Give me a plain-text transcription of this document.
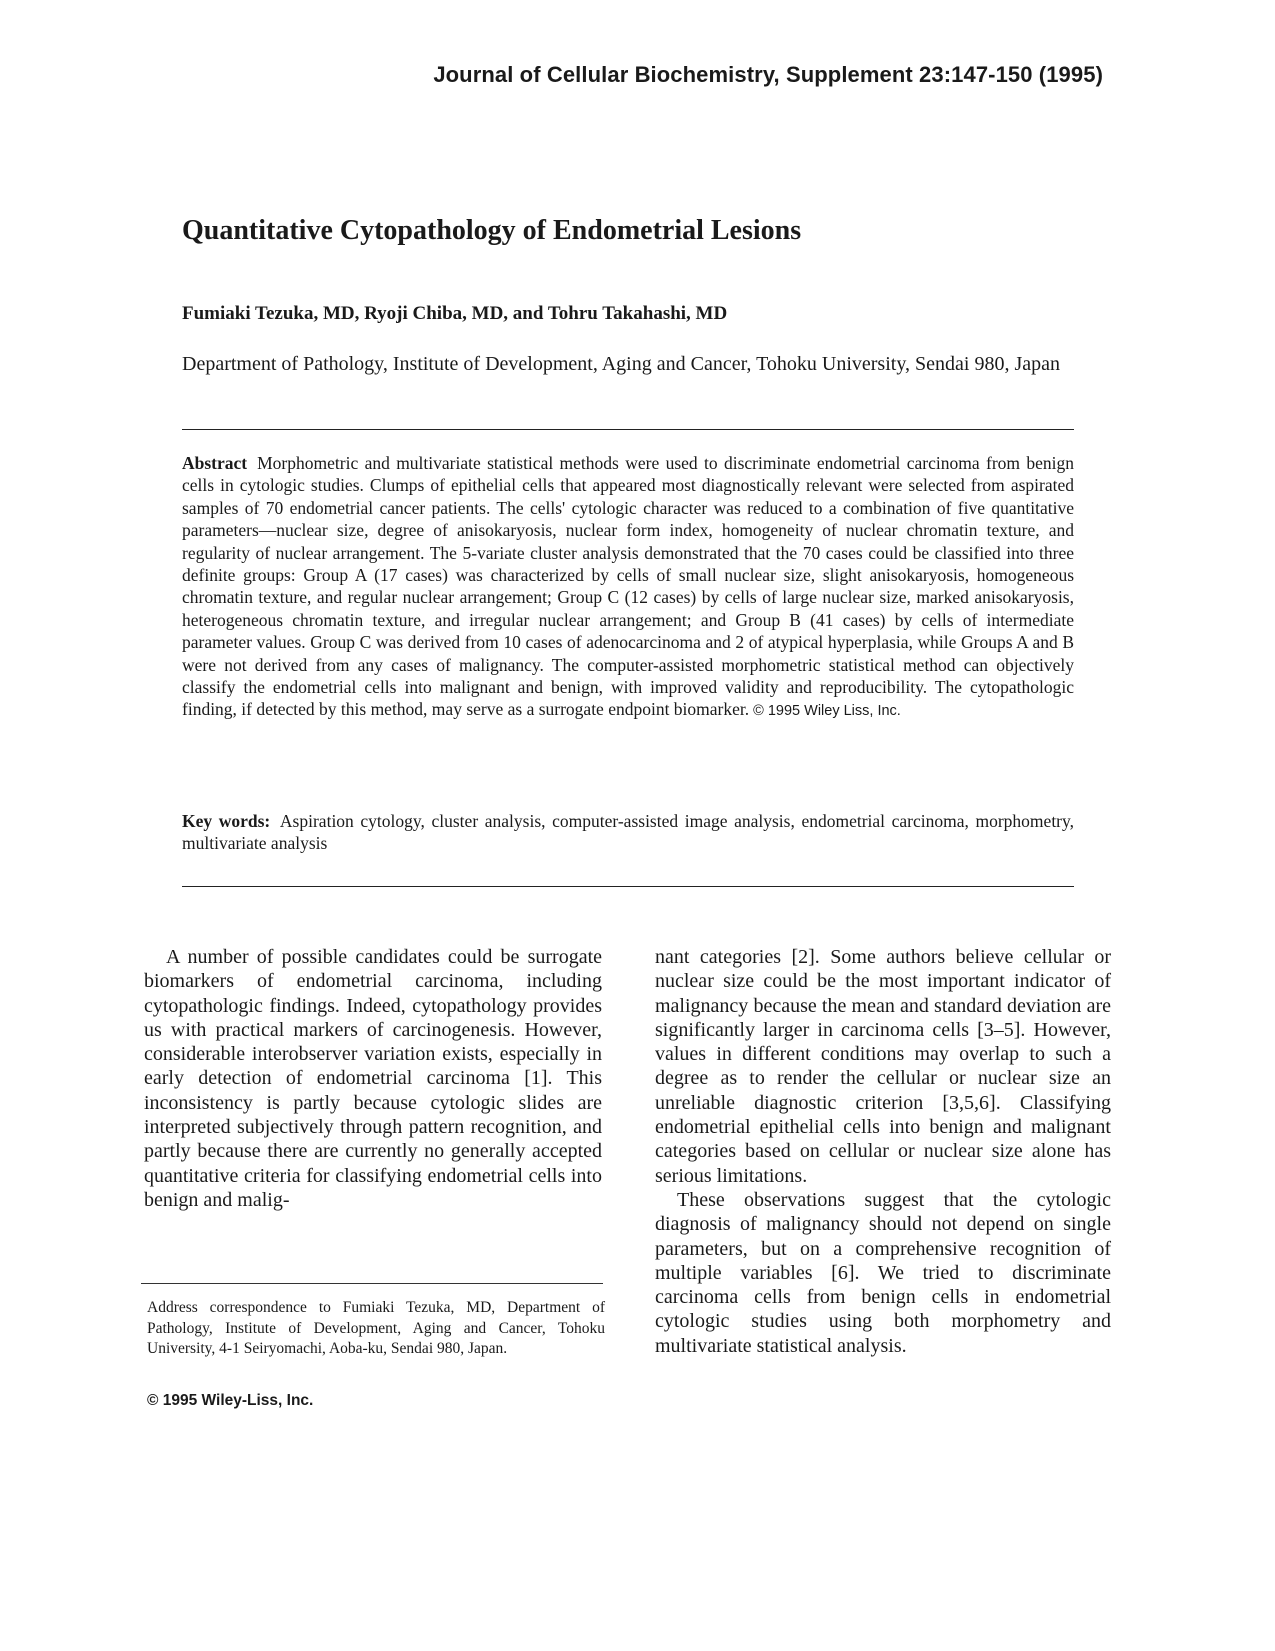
Journal of Cellular Biochemistry, Supplement 23:147-150 (1995)
Quantitative Cytopathology of Endometrial Lesions
Fumiaki Tezuka, MD, Ryoji Chiba, MD, and Tohru Takahashi, MD
Department of Pathology, Institute of Development, Aging and Cancer, Tohoku University, Sendai 980, Japan

Abstract Morphometric and multivariate statistical methods were used to discriminate endometrial carcinoma from benign cells in cytologic studies. Clumps of epithelial cells that appeared most diagnostically relevant were selected from aspirated samples of 70 endometrial cancer patients. The cells' cytologic character was reduced to a combination of five quantitative parameters—nuclear size, degree of anisokaryosis, nuclear form index, homogeneity of nuclear chromatin texture, and regularity of nuclear arrangement. The 5-variate cluster analysis demonstrated that the 70 cases could be classified into three definite groups: Group A (17 cases) was characterized by cells of small nuclear size, slight anisokaryosis, homogeneous chromatin texture, and regular nuclear arrangement; Group C (12 cases) by cells of large nuclear size, marked anisokaryosis, heterogeneous chromatin texture, and irregular nuclear arrangement; and Group B (41 cases) by cells of intermediate parameter values. Group C was derived from 10 cases of adenocarcinoma and 2 of atypical hyperplasia, while Groups A and B were not derived from any cases of malignancy. The computer-assisted morphometric statistical method can objectively classify the endometrial cells into malignant and benign, with improved validity and reproducibility. The cytopathologic finding, if detected by this method, may serve as a surrogate endpoint biomarker. © 1995 Wiley Liss, Inc.

Key words: Aspiration cytology, cluster analysis, computer-assisted image analysis, endometrial carcinoma, morphometry, multivariate analysis

A number of possible candidates could be surrogate biomarkers of endometrial carcinoma, including cytopathologic findings. Indeed, cytopathology provides us with practical markers of carcinogenesis. However, considerable interobserver variation exists, especially in early detection of endometrial carcinoma [1]. This inconsistency is partly because cytologic slides are interpreted subjectively through pattern recognition, and partly because there are currently no generally accepted quantitative criteria for classifying endometrial cells into benign and malig-

nant categories [2]. Some authors believe cellular or nuclear size could be the most important indicator of malignancy because the mean and standard deviation are significantly larger in carcinoma cells [3–5]. However, values in different conditions may overlap to such a degree as to render the cellular or nuclear size an unreliable diagnostic criterion [3,5,6]. Classifying endometrial epithelial cells into benign and malignant categories based on cellular or nuclear size alone has serious limitations.

These observations suggest that the cytologic diagnosis of malignancy should not depend on single parameters, but on a comprehensive recognition of multiple variables [6]. We tried to discriminate carcinoma cells from benign cells in endometrial cytologic studies using both morphometry and multivariate statistical analysis.

Address correspondence to Fumiaki Tezuka, MD, Department of Pathology, Institute of Development, Aging and Cancer, Tohoku University, 4-1 Seiryomachi, Aoba-ku, Sendai 980, Japan.

© 1995 Wiley-Liss, Inc.
